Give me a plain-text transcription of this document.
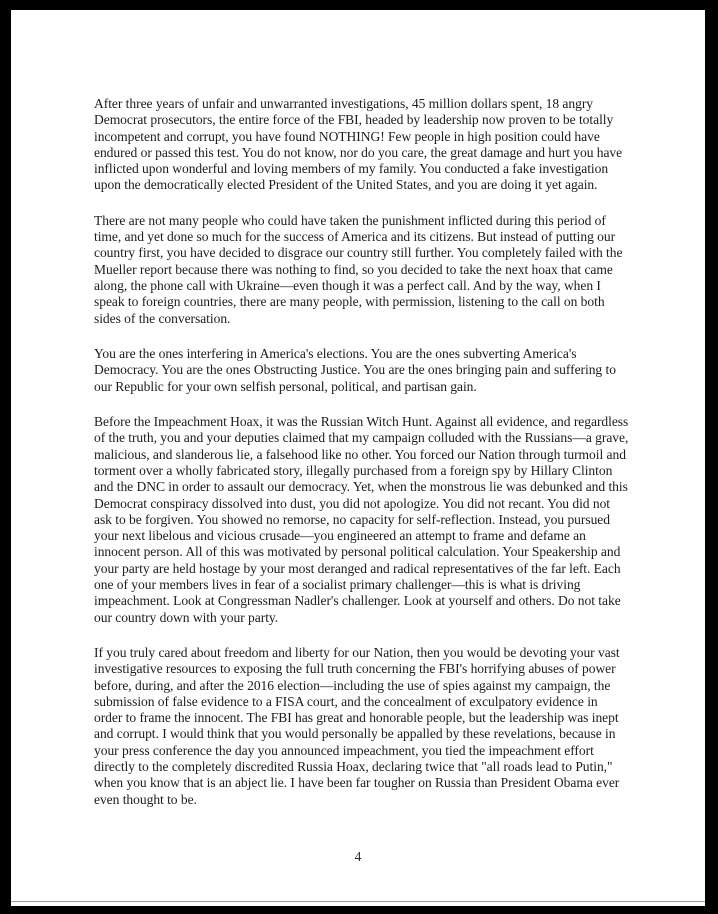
After three years of unfair and unwarranted investigations, 45 million dollars spent, 18 angry Democrat prosecutors, the entire force of the FBI, headed by leadership now proven to be totally incompetent and corrupt, you have found NOTHING! Few people in high position could have endured or passed this test. You do not know, nor do you care, the great damage and hurt you have inflicted upon wonderful and loving members of my family. You conducted a fake investigation upon the democratically elected President of the United States, and you are doing it yet again.

There are not many people who could have taken the punishment inflicted during this period of time, and yet done so much for the success of America and its citizens. But instead of putting our country first, you have decided to disgrace our country still further. You completely failed with the Mueller report because there was nothing to find, so you decided to take the next hoax that came along, the phone call with Ukraine—even though it was a perfect call. And by the way, when I speak to foreign countries, there are many people, with permission, listening to the call on both sides of the conversation.

You are the ones interfering in America's elections. You are the ones subverting America's Democracy. You are the ones Obstructing Justice. You are the ones bringing pain and suffering to our Republic for your own selfish personal, political, and partisan gain.

Before the Impeachment Hoax, it was the Russian Witch Hunt. Against all evidence, and regardless of the truth, you and your deputies claimed that my campaign colluded with the Russians—a grave, malicious, and slanderous lie, a falsehood like no other. You forced our Nation through turmoil and torment over a wholly fabricated story, illegally purchased from a foreign spy by Hillary Clinton and the DNC in order to assault our democracy. Yet, when the monstrous lie was debunked and this Democrat conspiracy dissolved into dust, you did not apologize. You did not recant. You did not ask to be forgiven. You showed no remorse, no capacity for self-reflection. Instead, you pursued your next libelous and vicious crusade—you engineered an attempt to frame and defame an innocent person. All of this was motivated by personal political calculation. Your Speakership and your party are held hostage by your most deranged and radical representatives of the far left. Each one of your members lives in fear of a socialist primary challenger—this is what is driving impeachment. Look at Congressman Nadler's challenger. Look at yourself and others. Do not take our country down with your party.

If you truly cared about freedom and liberty for our Nation, then you would be devoting your vast investigative resources to exposing the full truth concerning the FBI's horrifying abuses of power before, during, and after the 2016 election—including the use of spies against my campaign, the submission of false evidence to a FISA court, and the concealment of exculpatory evidence in order to frame the innocent. The FBI has great and honorable people, but the leadership was inept and corrupt. I would think that you would personally be appalled by these revelations, because in your press conference the day you announced impeachment, you tied the impeachment effort directly to the completely discredited Russia Hoax, declaring twice that "all roads lead to Putin," when you know that is an abject lie. I have been far tougher on Russia than President Obama ever even thought to be.

4
